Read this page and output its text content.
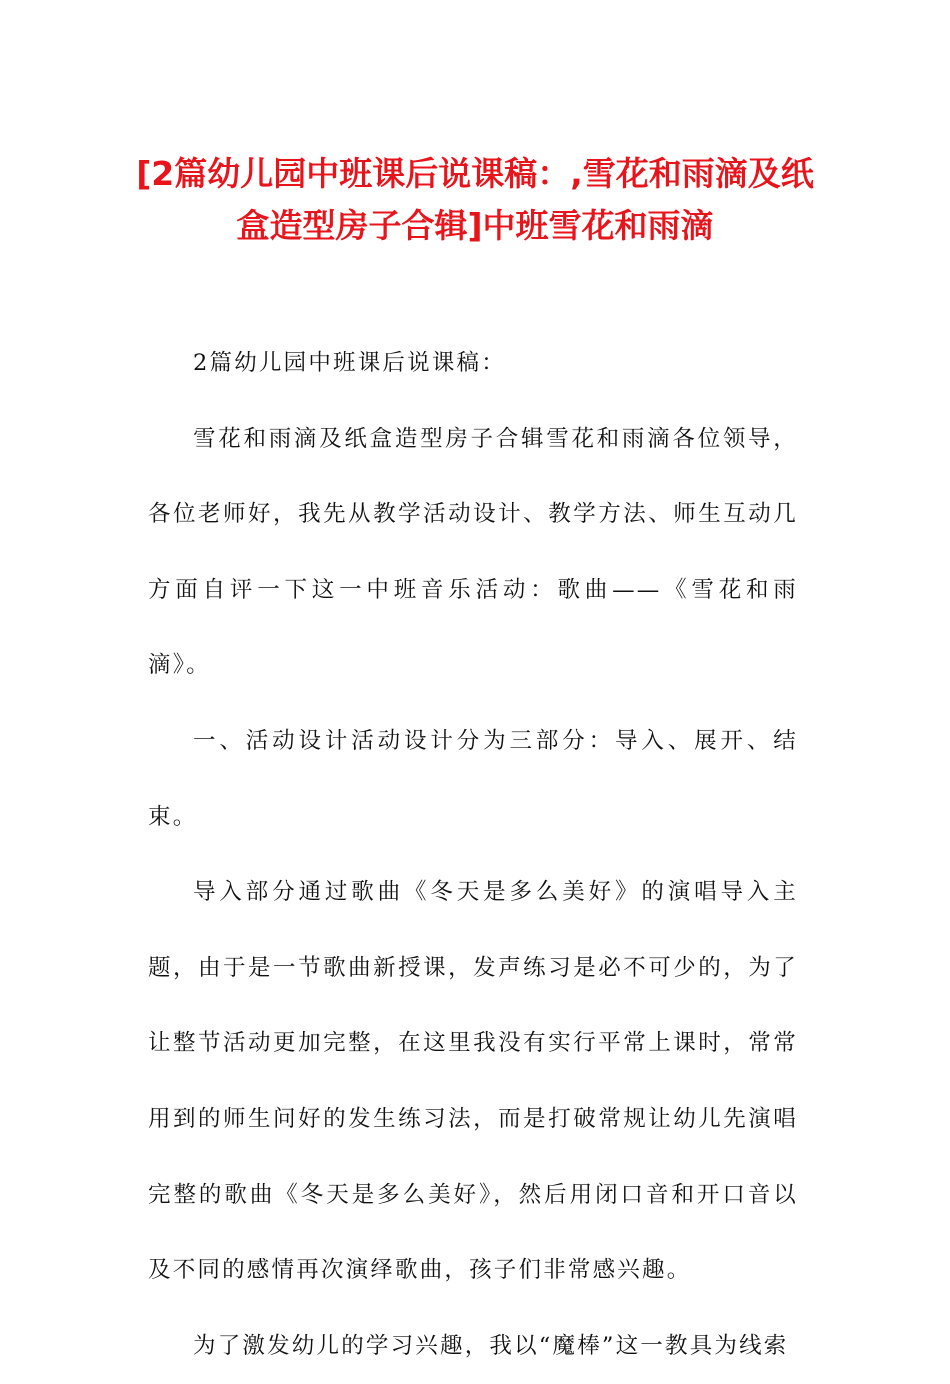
[2篇幼儿园中班课后说课稿：,雪花和雨滴及纸盒造型房子合辑]中班雪花和雨滴

2篇幼儿园中班课后说课稿：

雪花和雨滴及纸盒造型房子合辑雪花和雨滴各位领导，各位老师好，我先从教学活动设计、教学方法、师生互动几方面自评一下这一中班音乐活动：歌曲——《雪花和雨滴》。

一、活动设计活动设计分为三部分：导入、展开、结束。

导入部分通过歌曲《冬天是多么美好》的演唱导入主题，由于是一节歌曲新授课，发声练习是必不可少的，为了让整节活动更加完整，在这里我没有实行平常上课时，常常用到的师生问好的发生练习法，而是打破常规让幼儿先演唱完整的歌曲《冬天是多么美好》，然后用闭口音和开口音以及不同的感情再次演绎歌曲，孩子们非常感兴趣。

为了激发幼儿的学习兴趣，我以“魔棒”这一教具为线索
